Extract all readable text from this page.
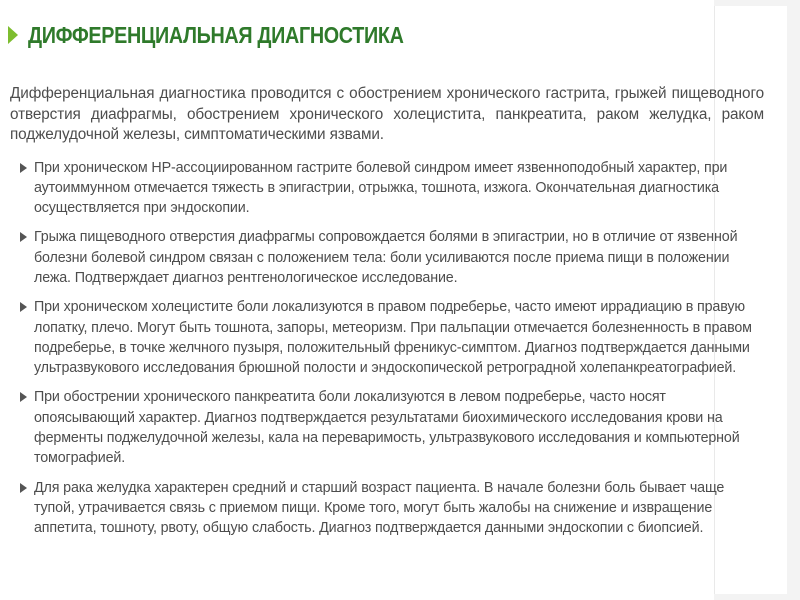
ДИФФЕРЕНЦИАЛЬНАЯ ДИАГНОСТИКА

Дифференциальная диагностика проводится с обострением хронического гастрита, грыжей пищеводного отверстия диафрагмы, обострением хронического холецистита, панкреатита, раком желудка, раком поджелудочной железы, симптоматическими язвами.

При хроническом НР-ассоциированном гастрите болевой синдром имеет язвенноподобный характер, при аутоиммунном отмечается тяжесть в эпигастрии, отрыжка, тошнота, изжога. Окончательная диагностика осуществляется при эндоскопии.
Грыжа пищеводного отверстия диафрагмы сопровождается болями в эпигастрии, но в отличие от язвенной болезни болевой синдром связан с положением тела: боли усиливаются после приема пищи в положении лежа. Подтверждает диагноз рентгенологическое исследование.
При хроническом холецистите боли локализуются в правом подреберье, часто имеют иррадиацию в правую лопатку, плечо. Могут быть тошнота, запоры, метеоризм. При пальпации отмечается болезненность в правом подреберье, в точке желчного пузыря, положительный френикус-симптом. Диагноз подтверждается данными ультразвукового исследования брюшной полости и эндоскопической ретроградной холепанкреатографией.
При обострении хронического панкреатита боли локализуются в левом подреберье, часто носят опоясывающий характер. Диагноз подтверждается результатами биохимического исследования крови на ферменты поджелудочной железы, кала на переваримость, ультразвукового исследования и компьютерной томографией.
Для рака желудка характерен средний и старший возраст пациента. В начале болезни боль бывает чаще тупой, утрачивается связь с приемом пищи. Кроме того, могут быть жалобы на снижение и извращение аппетита, тошноту, рвоту, общую слабость. Диагноз подтверждается данными эндоскопии с биопсией.
